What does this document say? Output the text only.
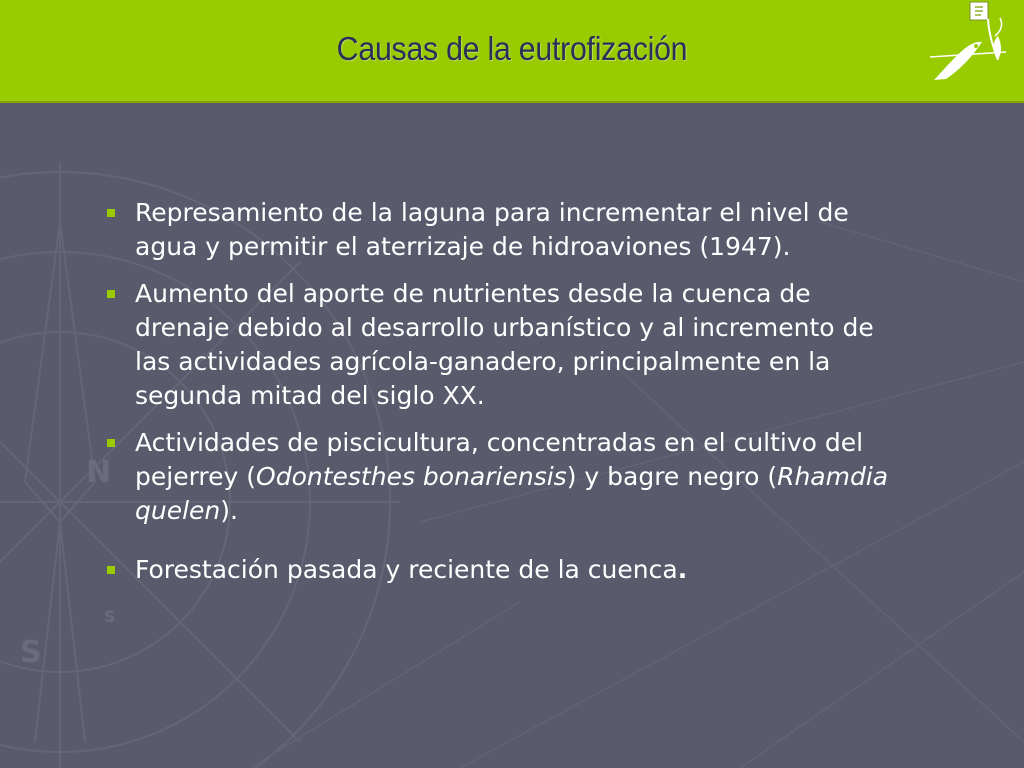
N
S
S
Causas de la eutrofización
Represamiento de la laguna para incrementar el nivel de agua y permitir el aterrizaje de hidroaviones (1947).
Aumento del aporte de nutrientes desde la cuenca de drenaje debido al desarrollo urbanístico y al incremento de las actividades agrícola-ganadero, principalmente en la segunda mitad del siglo XX.
Actividades de piscicultura, concentradas en el cultivo del pejerrey (Odontesthes bonariensis) y bagre negro (Rhamdia quelen).
Forestación pasada y reciente de la cuenca.
